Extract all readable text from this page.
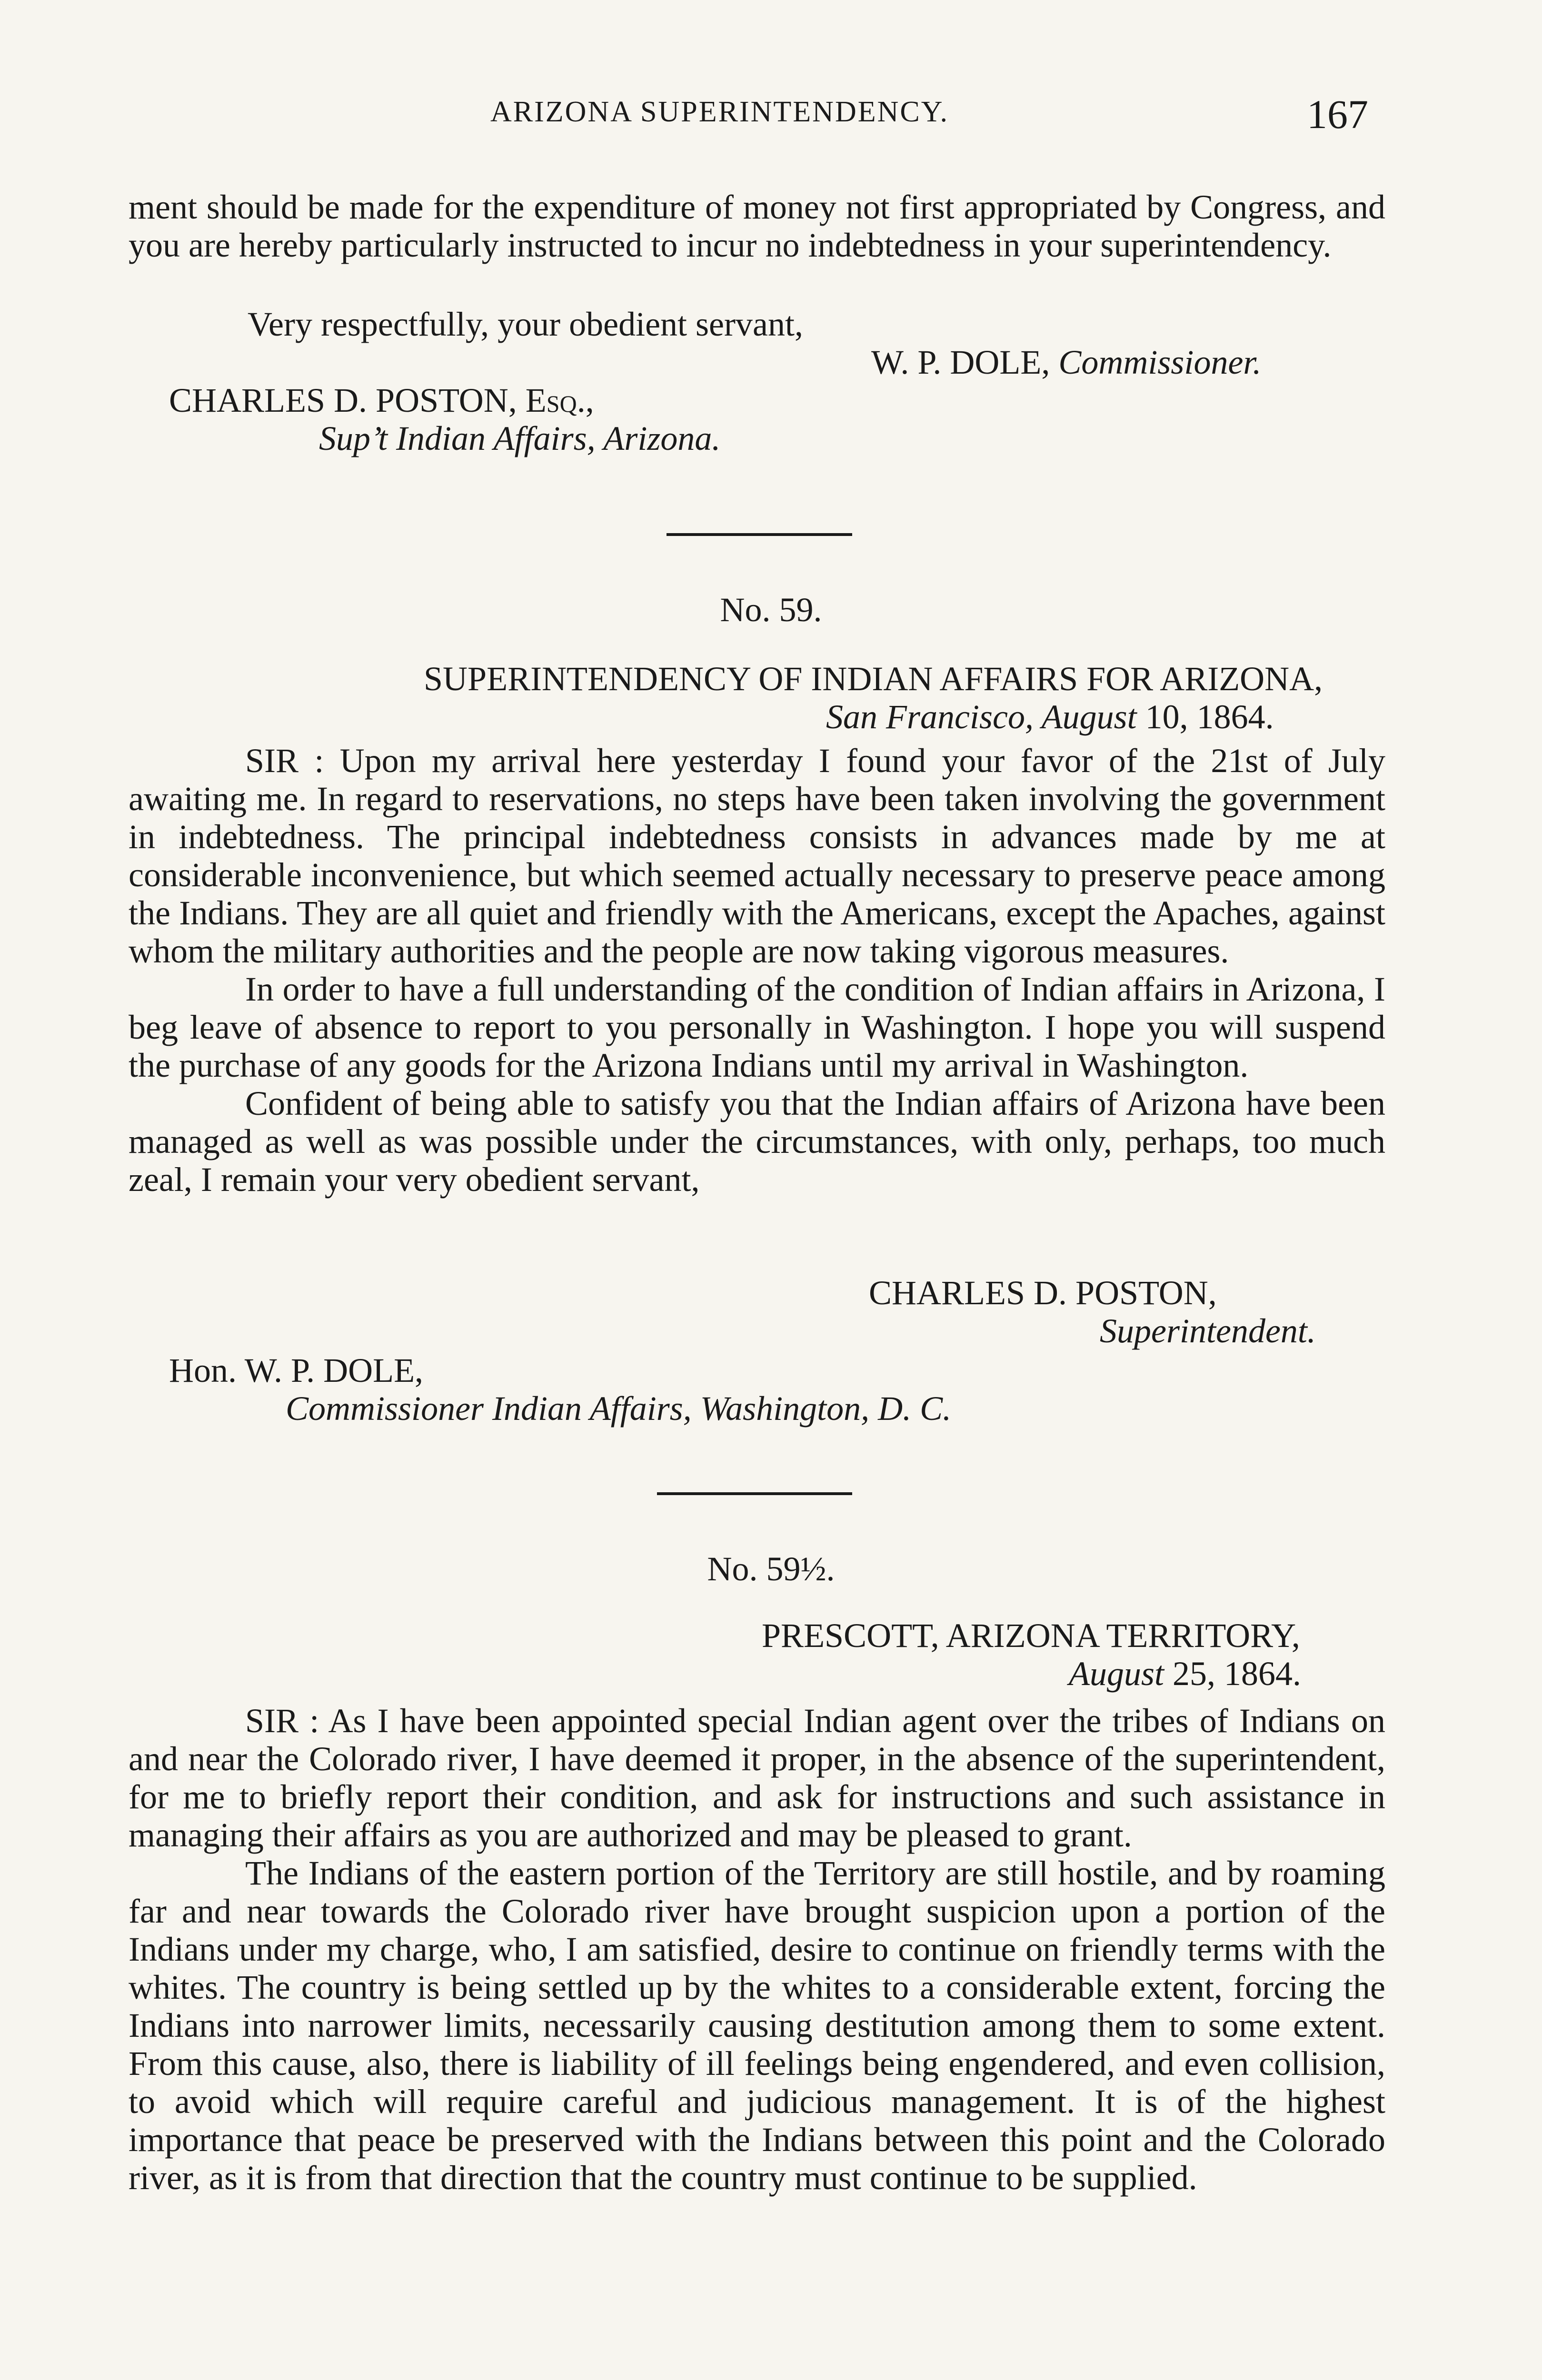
ARIZONA SUPERINTENDENCY.	167

ment should be made for the expenditure of money not first appropriated by Congress, and you are hereby particularly instructed to incur no indebtedness in your superintendency.

Very respectfully, your obedient servant,
W. P. DOLE, Commissioner.
CHARLES D. POSTON, Esq.,
Sup’t Indian Affairs, Arizona.
No. 59.
SUPERINTENDENCY OF INDIAN AFFAIRS FOR ARIZONA,
San Francisco, August 10, 1864.

SIR : Upon my arrival here yesterday I found your favor of the 21st of July awaiting me. In regard to reservations, no steps have been taken involving the government in indebtedness. The principal indebtedness consists in advances made by me at considerable inconvenience, but which seemed actually necessary to preserve peace among the Indians. They are all quiet and friendly with the Americans, except the Apaches, against whom the military authorities and the people are now taking vigorous measures.

In order to have a full understanding of the condition of Indian affairs in Arizona, I beg leave of absence to report to you personally in Washington. I hope you will suspend the purchase of any goods for the Arizona Indians until my arrival in Washington.

Confident of being able to satisfy you that the Indian affairs of Arizona have been managed as well as was possible under the circumstances, with only, perhaps, too much zeal, I remain your very obedient servant,

CHARLES D. POSTON,
Superintendent.
Hon. W. P. DOLE,
Commissioner Indian Affairs, Washington, D. C.
No. 59½.
PRESCOTT, ARIZONA TERRITORY,
August 25, 1864.

SIR : As I have been appointed special Indian agent over the tribes of Indians on and near the Colorado river, I have deemed it proper, in the absence of the superintendent, for me to briefly report their condition, and ask for instructions and such assistance in managing their affairs as you are authorized and may be pleased to grant.

The Indians of the eastern portion of the Territory are still hostile, and by roaming far and near towards the Colorado river have brought suspicion upon a portion of the Indians under my charge, who, I am satisfied, desire to continue on friendly terms with the whites. The country is being settled up by the whites to a considerable extent, forcing the Indians into narrower limits, necessarily causing destitution among them to some extent. From this cause, also, there is liability of ill feelings being engendered, and even collision, to avoid which will require careful and judicious management. It is of the highest importance that peace be preserved with the Indians between this point and the Colorado river, as it is from that direction that the country must continue to be supplied.
